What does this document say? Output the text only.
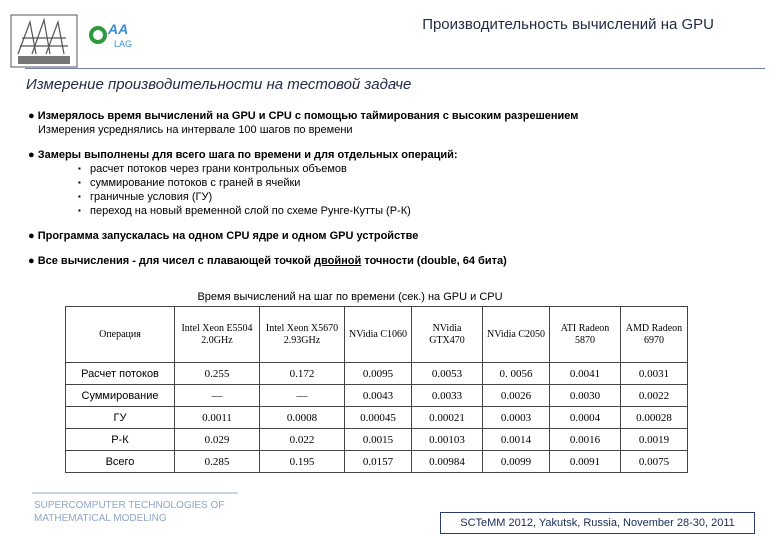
AA
LAG
Производительность вычислений на GPU
Измерение производительности на тестовой задаче
● Измерялось время вычислений на GPU и CPU с помощью таймирования с высоким разрешением
Измерения усреднялись на интервале 100 шагов по времени
● Замеры выполнены для всего шага по времени и для отдельных операций:
▪ расчет потоков через грани контрольных объемов
▪ суммирование потоков с граней в ячейки
▪ граничные условия (ГУ)
▪ переход на новый временной слой по схеме Рунге-Кутты (Р-К)
● Программа запускалась на одном CPU ядре и одном GPU устройстве
● Все вычисления - для чисел с плавающей точкой двойной точности (double, 64 бита)
Время вычислений на шаг по времени (сек.) на GPU и CPU
Операция	Intel Xeon E5504 2.0GHz	Intel Xeon X5670 2.93GHz	NVidia C1060	NVidia GTX470	NVidia C2050	ATI Radeon 5870	AMD Radeon 6970
Расчет потоков	0.255	0.172	0.0095	0.0053	0. 0056	0.0041	0.0031
Суммирование	—	—	0.0043	0.0033	0.0026	0.0030	0.0022
ГУ	0.0011	0.0008	0.00045	0.00021	0.0003	0.0004	0.00028
Р-К	0.029	0.022	0.0015	0.00103	0.0014	0.0016	0.0019
Всего	0.285	0.195	0.0157	0.00984	0.0099	0.0091	0.0075
SUPERCOMPUTER TECHNOLOGIES OF
MATHEMATICAL MODELING	SCTeMM 2012, Yakutsk, Russia, November 28-30, 2011
